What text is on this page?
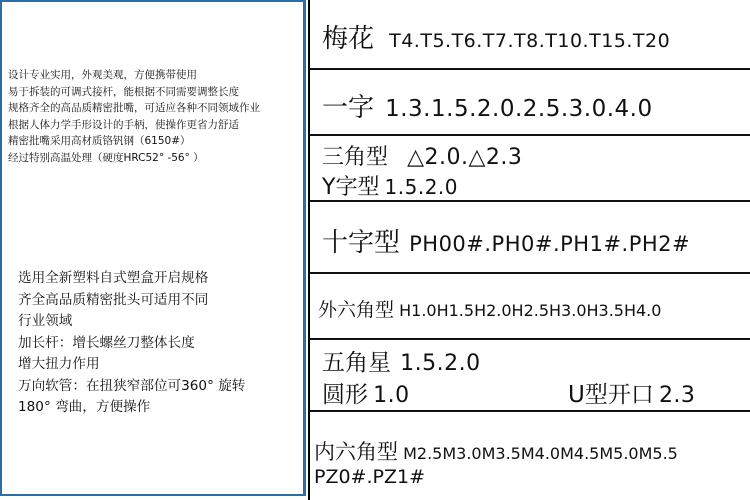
设计专业实用，外观美观，方便携带使用
易于拆装的可调式接杆，能根据不同需要调整长度
规格齐全的高品质精密批嘴，可适应各种不同领域作业
根据人体力学手形设计的手柄，使操作更省力舒适
精密批嘴采用高材质铬钒钢（6150#）
经过特别高温处理（硬度HRC52° -56° ）
选用全新塑料自式塑盒开启规格
齐全高品质精密批头可适用不同
行业领域
加长杆：增长螺丝刀整体长度
增大扭力作用
万向软管：在扭狭窄部位可360° 旋转
180° 弯曲，方便操作
梅花 T4.T5.T6.T7.T8.T10.T15.T20
一字 1.3.1.5.2.0.2.5.3.0.4.0
三角型 △2.0.△2.3
Y字型 1.5.2.0
十字型 PH00#.PH0#.PH1#.PH2#
外六角型 H1.0H1.5H2.0H2.5H3.0H3.5H4.0
五角星 1.5.2.0
圆形 1.0	U型开口 2.3
内六角型 M2.5M3.0M3.5M4.0M4.5M5.0M5.5
PZ0#.PZ1#
